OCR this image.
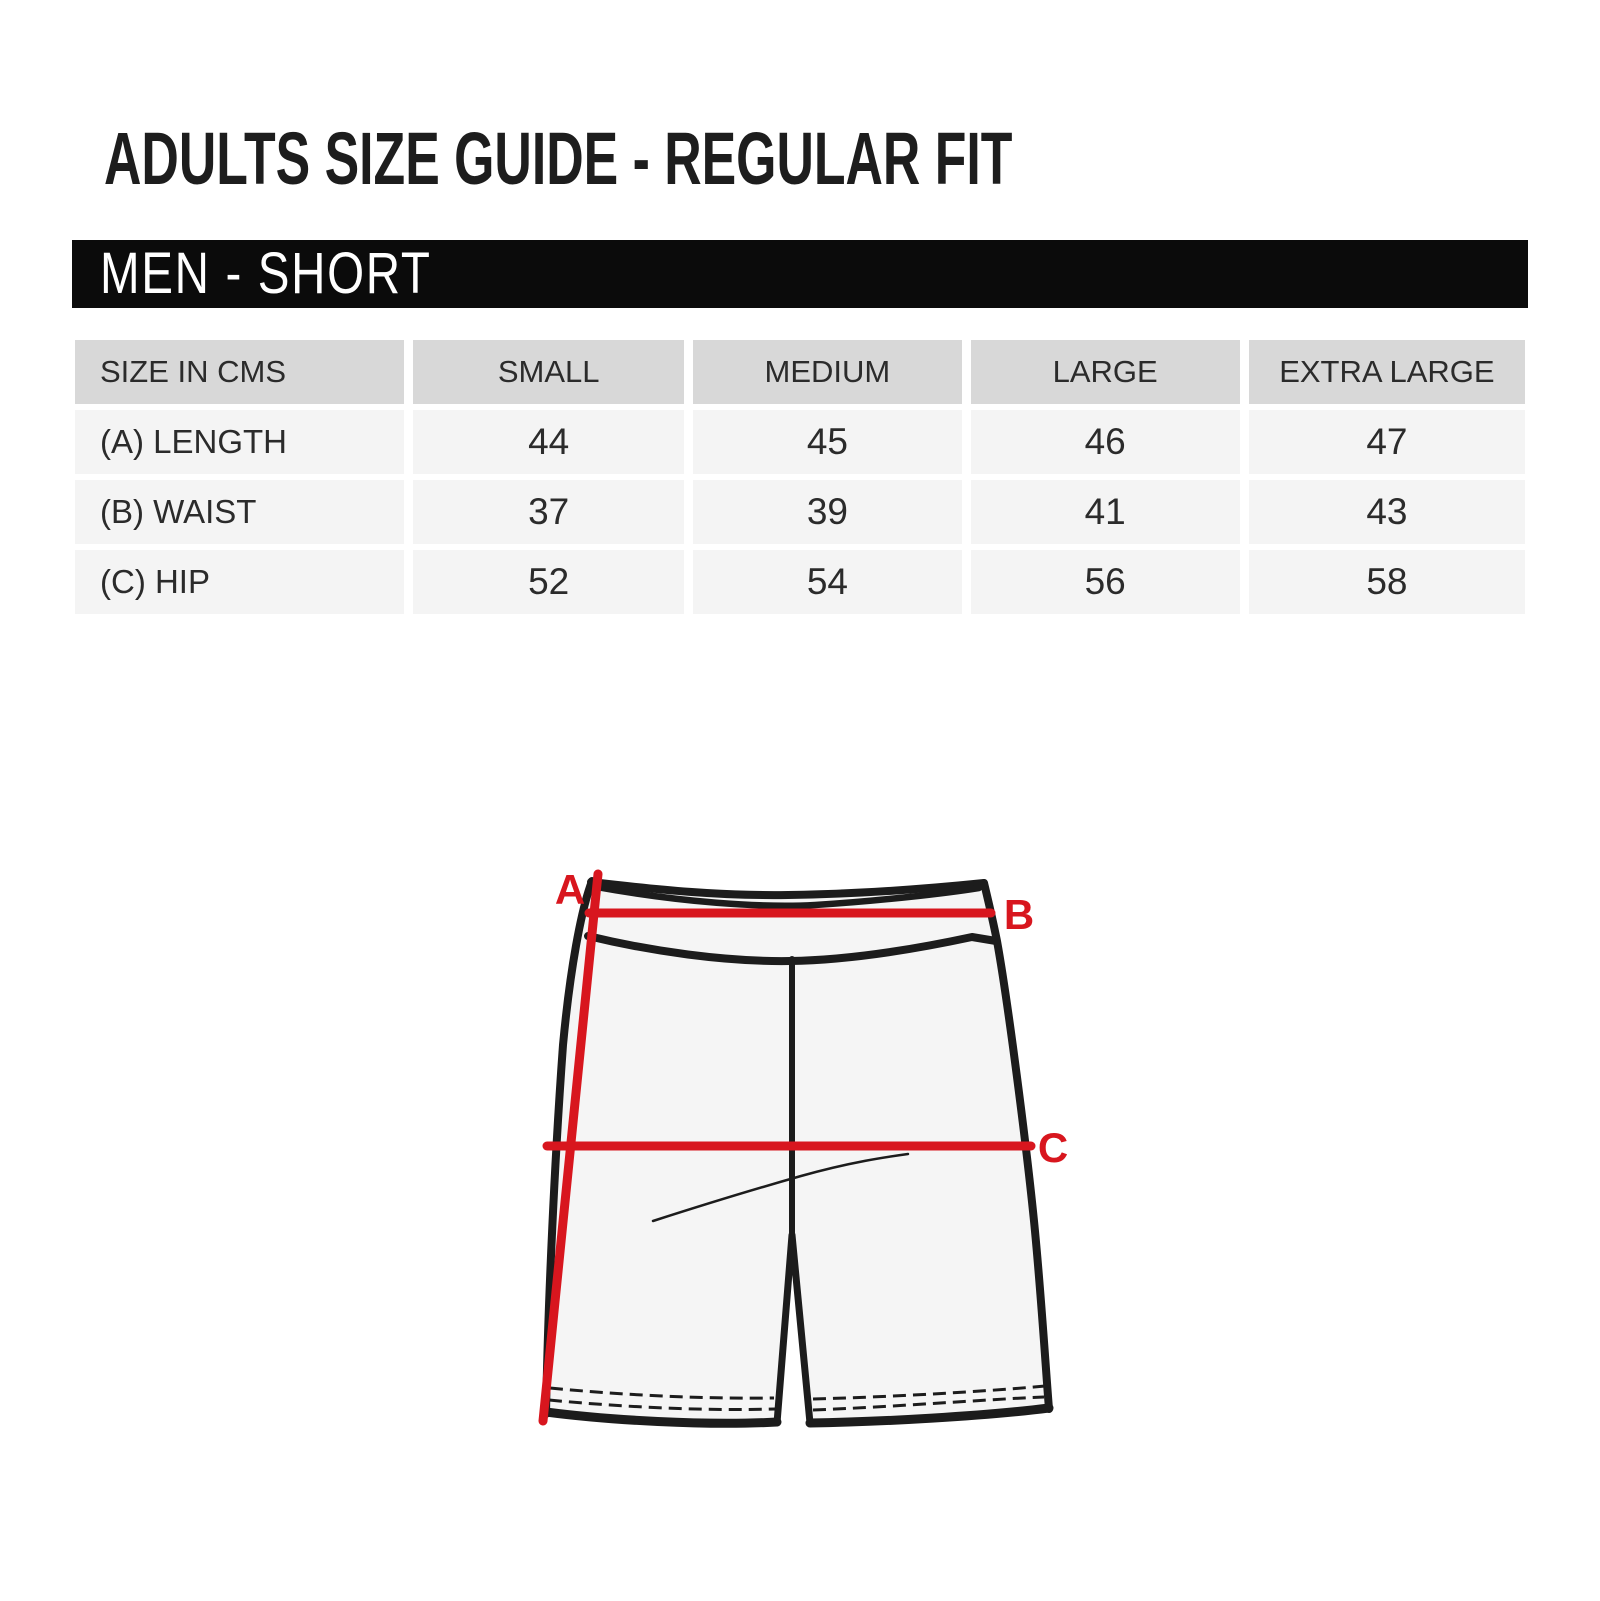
ADULTS SIZE GUIDE - REGULAR FIT
MEN - SHORT
SIZE IN CMS	SMALL	MEDIUM	LARGE	EXTRA LARGE
(A) LENGTH	44	45	46	47
(B) WAIST	37	39	41	43
(C) HIP	52	54	56	58
A
B
C
